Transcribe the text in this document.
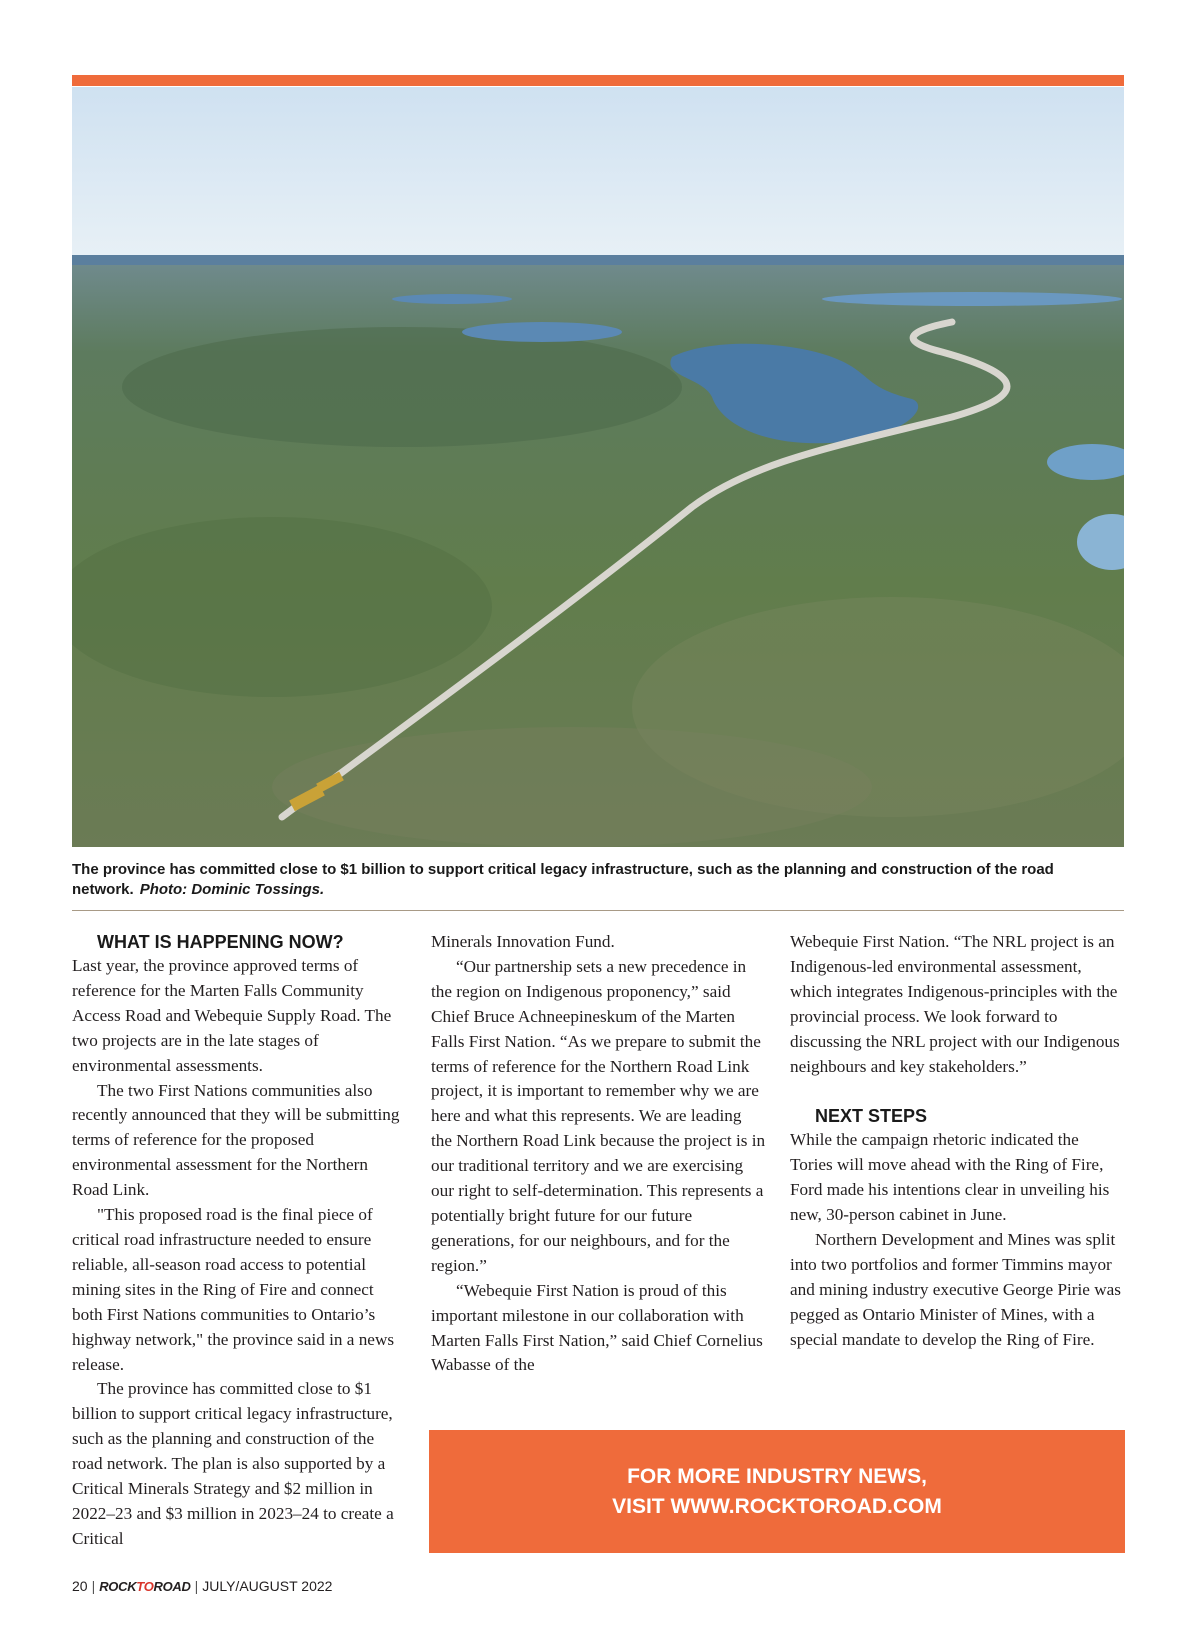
The province has committed close to $1 billion to support critical legacy infrastructure, such as the planning and construction of the road network. Photo: Dominic Tossings.

WHAT IS HAPPENING NOW?

Last year, the province approved terms of reference for the Marten Falls Community Access Road and Webequie Supply Road. The two projects are in the late stages of environmental assessments.

The two First Nations communities also recently announced that they will be submitting terms of reference for the proposed environmental assessment for the Northern Road Link.

"This proposed road is the final piece of critical road infrastructure needed to ensure reliable, all-season road access to potential mining sites in the Ring of Fire and connect both First Nations communities to Ontario’s highway network," the province said in a news release.

The province has committed close to $1 billion to support critical legacy infrastructure, such as the planning and construction of the road network. The plan is also supported by a Critical Minerals Strategy and $2 million in 2022–23 and $3 million in 2023–24 to create a Critical

Minerals Innovation Fund.

“Our partnership sets a new precedence in the region on Indigenous proponency,” said Chief Bruce Achneepineskum of the Marten Falls First Nation. “As we prepare to submit the terms of reference for the Northern Road Link project, it is important to remember why we are here and what this represents. We are leading the Northern Road Link because the project is in our traditional territory and we are exercising our right to self-determination. This represents a potentially bright future for our future generations, for our neighbours, and for the region.”

“Webequie First Nation is proud of this important milestone in our collaboration with Marten Falls First Nation,” said Chief Cornelius Wabasse of the

Webequie First Nation. “The NRL project is an Indigenous-led environmental assessment, which integrates Indigenous-principles with the provincial process. We look forward to discussing the NRL project with our Indigenous neighbours and key stakeholders.”

NEXT STEPS

While the campaign rhetoric indicated the Tories will move ahead with the Ring of Fire, Ford made his intentions clear in unveiling his new, 30-person cabinet in June.

Northern Development and Mines was split into two portfolios and former Timmins mayor and mining industry executive George Pirie was pegged as Ontario Minister of Mines, with a special mandate to develop the Ring of Fire.

FOR MORE INDUSTRY NEWS,
VISIT WWW.ROCKTOROAD.COM
20 | ROCK TO ROAD | JULY/AUGUST 2022
